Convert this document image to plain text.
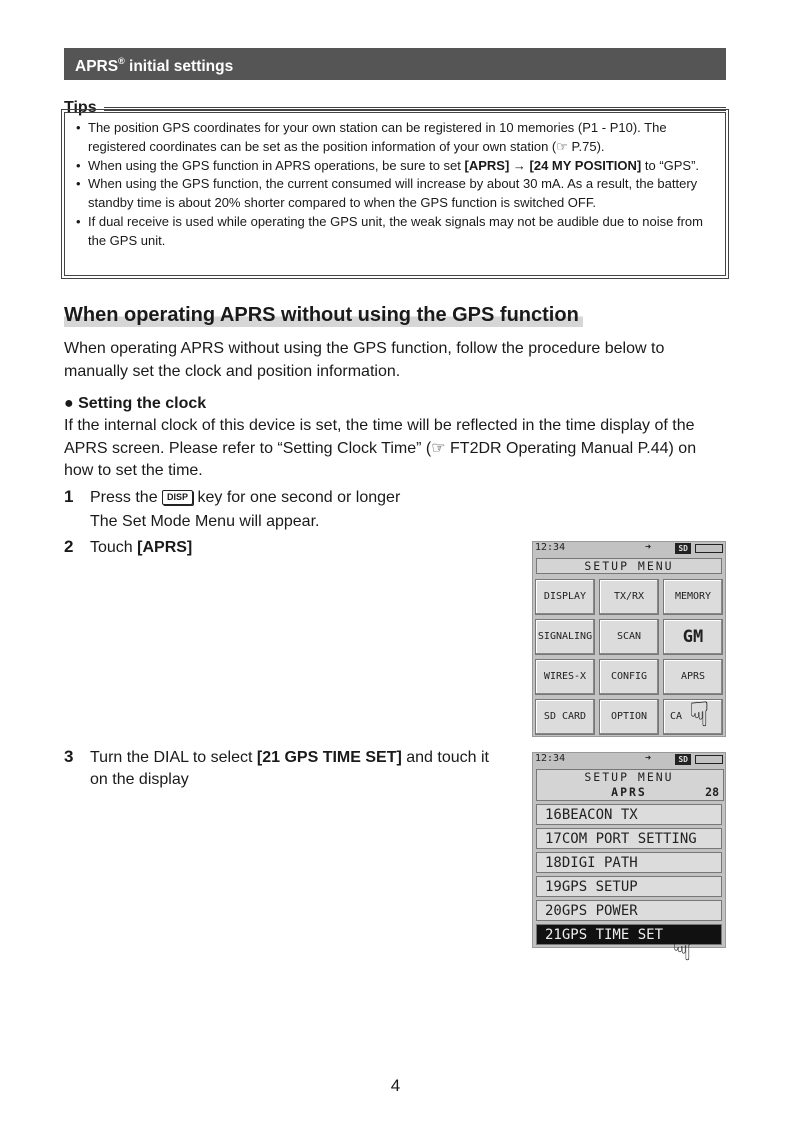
APRS® initial settings
Tips
• The position GPS coordinates for your own station can be registered in 10 memories (P1 - P10). The registered coordinates can be set as the position information of your own station (☞ P.75).
• When using the GPS function in APRS operations, be sure to set [APRS] → [24 MY POSITION] to “GPS”.
• When using the GPS function, the current consumed will increase by about 30 mA. As a result, the battery standby time is about 20% shorter compared to when the GPS function is switched OFF.
• If dual receive is used while operating the GPS unit, the weak signals may not be audible due to noise from the GPS unit.
When operating APRS without using the GPS function
When operating APRS without using the GPS function, follow the procedure below to manually set the clock and position information.
● Setting the clock
If the internal clock of this device is set, the time will be reflected in the time display of the APRS screen. Please refer to “Setting Clock Time” (☞ FT2DR Operating Manual P.44) on how to set the time.
1 Press the DISP key for one second or longer
The Set Mode Menu will appear.
2 Touch [APRS]
3 Turn the DIAL to select [21 GPS TIME SET] and touch it
on the display
12:34	➜	SD
SETUP MENU
DISPLAY	TX/RX	MEMORY
SIGNALING	SCAN	GM
WIRES-X	CONFIG	APRS
SD CARD	OPTION	CA ☟
12:34	➜	SD
SETUP MENU
APRS	28
16BEACON TX
17COM PORT SETTING
18DIGI PATH
19GPS SETUP
20GPS POWER
21GPS TIME SET ☟
4
